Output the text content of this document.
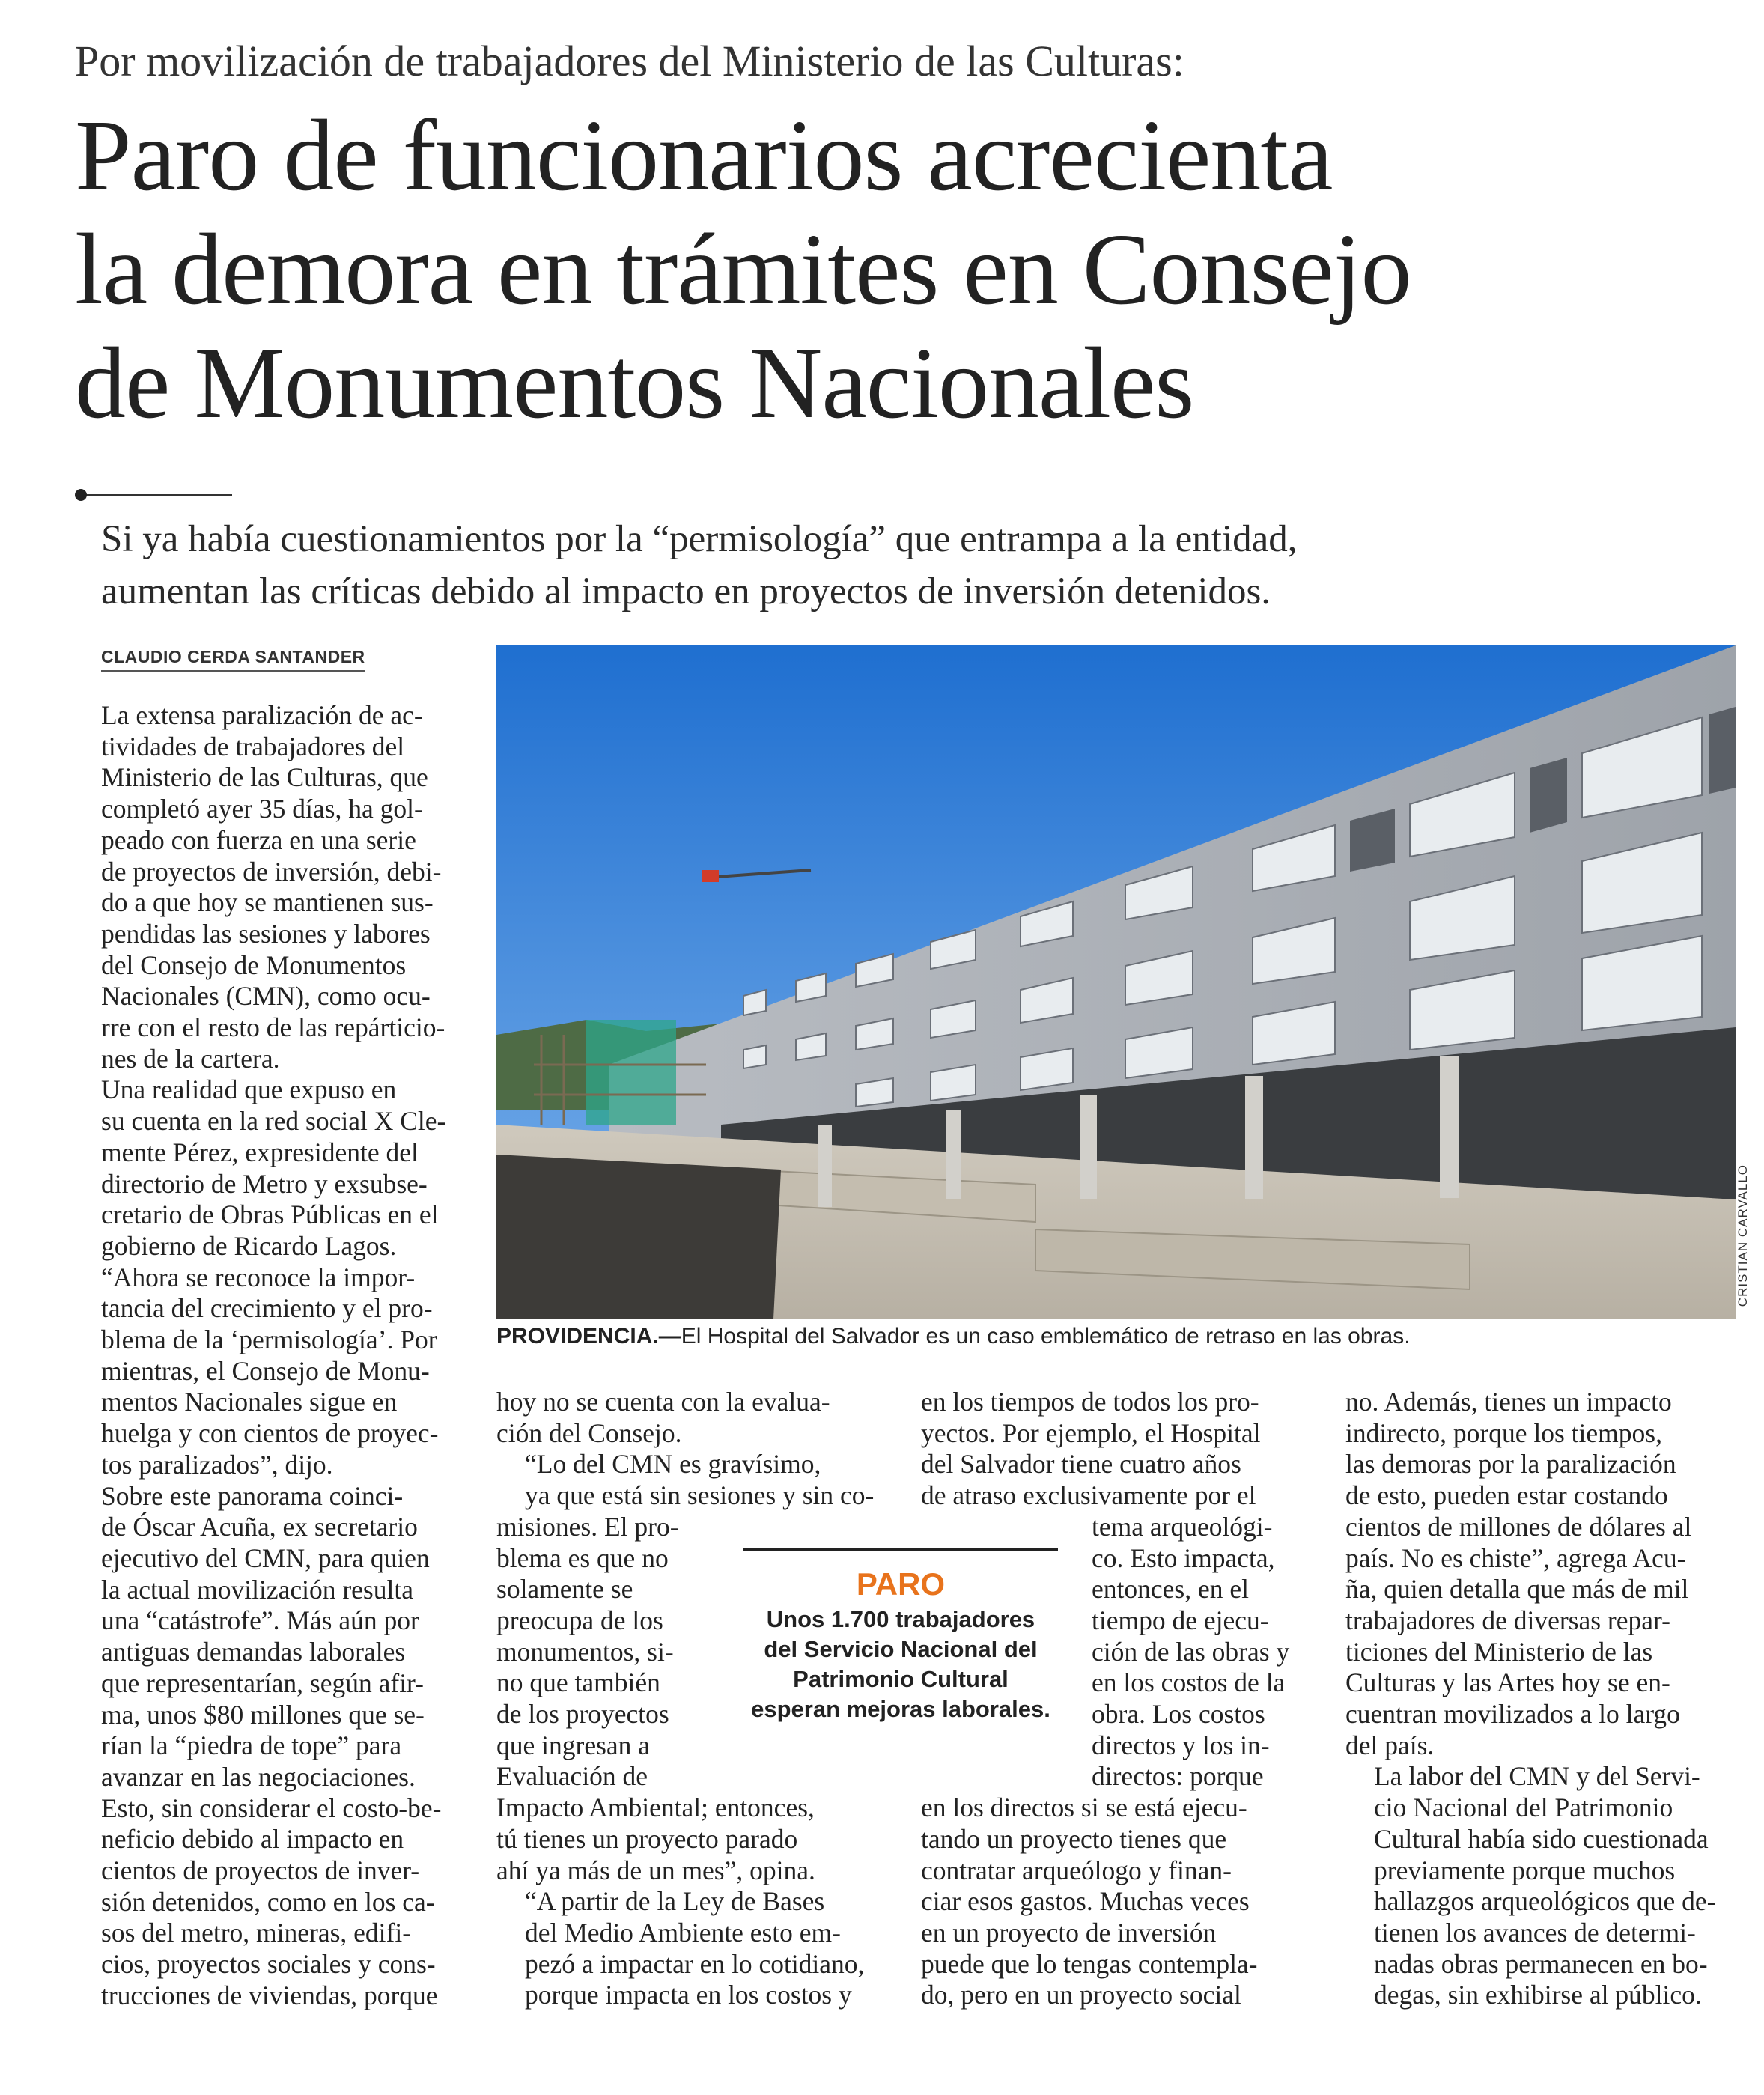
Por movilización de trabajadores del Ministerio de las Culturas:
Paro de funcionarios acrecienta
la demora en trámites en Consejo
de Monumentos Nacionales
Si ya había cuestionamientos por la “permisología” que entrampa a la entidad,
aumentan las críticas debido al impacto en proyectos de inversión detenidos.
CLAUDIO CERDA SANTANDER
CRISTIAN CARVALLO
PROVIDENCIA.—El Hospital del Salvador es un caso emblemático de retraso en las obras.

La extensa paralización de ac-
tividades de trabajadores del
Ministerio de las Culturas, que
completó ayer 35 días, ha gol-
peado con fuerza en una serie
de proyectos de inversión, debi-
do a que hoy se mantienen sus-
pendidas las sesiones y labores
del Consejo de Monumentos
Nacionales (CMN), como ocu-
rre con el resto de las repárticio-
nes de la cartera.

Una realidad que expuso en
su cuenta en la red social X Cle-
mente Pérez, expresidente del
directorio de Metro y exsubse-
cretario de Obras Públicas en el
gobierno de Ricardo Lagos.
“Ahora se reconoce la impor-
tancia del crecimiento y el pro-
blema de la ‘permisología’. Por
mientras, el Consejo de Monu-
mentos Nacionales sigue en
huelga y con cientos de proyec-
tos paralizados”, dijo.

Sobre este panorama coinci-
de Óscar Acuña, ex secretario
ejecutivo del CMN, para quien
la actual movilización resulta
una “catástrofe”. Más aún por
antiguas demandas laborales
que representarían, según afir-
ma, unos $80 millones que se-
rían la “piedra de tope” para
avanzar en las negociaciones.
Esto, sin considerar el costo-be-
neficio debido al impacto en
cientos de proyectos de inver-
sión detenidos, como en los ca-
sos del metro, mineras, edifi-
cios, proyectos sociales y cons-
trucciones de viviendas, porque

hoy no se cuenta con la evalua-
ción del Consejo.

“Lo del CMN es gravísimo,
ya que está sin sesiones y sin co-

misiones. El pro-
blema es que no
solamente se
preocupa de los
monumentos, si-
no que también
de los proyectos
que ingresan a
Evaluación de

Impacto Ambiental; entonces,
tú tienes un proyecto parado
ahí ya más de un mes”, opina.

“A partir de la Ley de Bases
del Medio Ambiente esto em-
pezó a impactar en lo cotidiano,
porque impacta en los costos y

PARO
Unos 1.700 trabajadores
del Servicio Nacional del
Patrimonio Cultural
esperan mejoras laborales.

en los tiempos de todos los pro-
yectos. Por ejemplo, el Hospital
del Salvador tiene cuatro años
de atraso exclusivamente por el

tema arqueológi-
co. Esto impacta,
entonces, en el
tiempo de ejecu-
ción de las obras y
en los costos de la
obra. Los costos
directos y los in-
directos: porque

en los directos si se está ejecu-
tando un proyecto tienes que
contratar arqueólogo y finan-
ciar esos gastos. Muchas veces
en un proyecto de inversión
puede que lo tengas contempla-
do, pero en un proyecto social

no. Además, tienes un impacto
indirecto, porque los tiempos,
las demoras por la paralización
de esto, pueden estar costando
cientos de millones de dólares al
país. No es chiste”, agrega Acu-
ña, quien detalla que más de mil
trabajadores de diversas repar-
ticiones del Ministerio de las
Culturas y las Artes hoy se en-
cuentran movilizados a lo largo
del país.

La labor del CMN y del Servi-
cio Nacional del Patrimonio
Cultural había sido cuestionada
previamente porque muchos
hallazgos arqueológicos que de-
tienen los avances de determi-
nadas obras permanecen en bo-
degas, sin exhibirse al público.
